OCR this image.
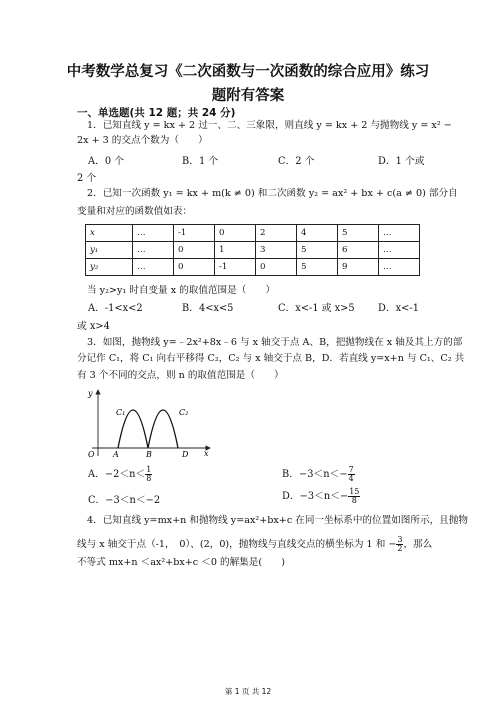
中考数学总复习《二次函数与一次函数的综合应用》练习
题附有答案
一、单选题(共 12 题；共 24 分)
1．已知直线 y = kx + 2 过一、二、三象限，则直线 y = kx + 2 与抛物线 y = x² −
2x + 3 的交点个数为（　　）
A．0 个	B．1 个	C．2 个	D．1 个或
2 个
2．已知一次函数 y₁ = kx + m(k ≠ 0) 和二次函数 y₂ = ax² + bx + c(a ≠ 0) 部分自
变量和对应的函数值如表：
x	…	-1	0	2	4	5	…
y₁	…	0	1	3	5	6	…
y₂	…	0	-1	0	5	9	…
当 y₂>y₁ 时自变量 x 的取值范围是（　　）
A．-1<x<2	B．4<x<5	C．x<-1 或 x>5 D．x<-1
或 x>4
3．如图，抛物线 y=﹣2x²+8x﹣6 与 x 轴交于点 A、B，把抛物线在 x 轴及其上方的部
分记作 C₁，将 C₁ 向右平移得 C₂，C₂ 与 x 轴交于点 B，D．若直线 y=x+n 与 C₁、C₂ 共
有 3 个不同的交点，则 n 的取值范围是（　　）
y
x
O A	B	D
C₁	C₂
A．$-2<n< \frac{1}{8}$	B．$-3<n<- \frac{7}{4}$
C．−3＜n＜−2	D．$-3<n<- \frac{15}{8}$
4．已知直线 y=mx+n 和抛物线 y=ax²+bx+c 在同一坐标系中的位置如图所示，且抛物
线与 x 轴交于点（-1，　0）、(2，0)，抛物线与直线交点的横坐标为 1 和 − $\frac{3}{2}$ ，那么
不等式 mx+n ＜ax²+bx+c ＜0 的解集是(　　)
第 1 页 共 12
